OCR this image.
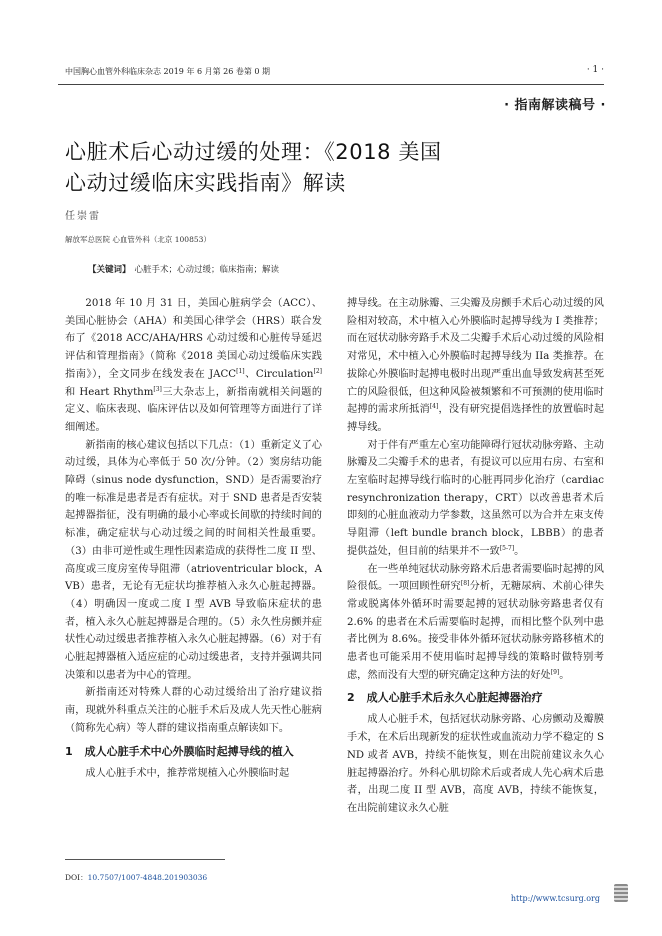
中国胸心血管外科临床杂志 2019 年 6 月第 26 卷第 0 期	· 1 ·
· 指南解读稿号 ·
心脏术后心动过缓的处理：《2018 美国
心动过缓临床实践指南》解读
任崇雷
解放军总医院 心血管外科（北京 100853）
【关键词】 心脏手术；心动过缓；临床指南；解读

2018 年 10 月 31 日，美国心脏病学会（ACC）、美国心脏协会（AHA）和美国心律学会（HRS）联合发布了《2018 ACC/AHA/HRS 心动过缓和心脏传导延迟评估和管理指南》（简称《2018 美国心动过缓临床实践指南》），全文同步在线发表在 JACC[1]、Circulation[2] 和 Heart Rhythm[3]三大杂志上，新指南就相关问题的定义、临床表现、临床评估以及如何管理等方面进行了详细阐述。

新指南的核心建议包括以下几点：（1）重新定义了心动过缓，具体为心率低于 50 次/分钟。（2）窦房结功能障碍（sinus node dysfunction，SND）是否需要治疗的唯一标准是患者是否有症状。对于 SND 患者是否安装起搏器指征，没有明确的最小心率或长间歇的持续时间的标准，确定症状与心动过缓之间的时间相关性最重要。（3）由非可逆性或生理性因素造成的获得性二度 II 型、高度或三度房室传导阻滞（atrioventricular block，AVB）患者，无论有无症状均推荐植入永久心脏起搏器。（4）明确因一度或二度 I 型 AVB 导致临床症状的患者，植入永久心脏起搏器是合理的。（5）永久性房颤并症状性心动过缓患者推荐植入永久心脏起搏器。（6）对于有心脏起搏器植入适应症的心动过缓患者，支持并强调共同决策和以患者为中心的管理。

新指南还对特殊人群的心动过缓给出了治疗建议指南，现就外科重点关注的心脏手术后及成人先天性心脏病（简称先心病）等人群的建议指南重点解读如下。

1 成人心脏手术中心外膜临时起搏导线的植入

成人心脏手术中，推荐常规植入心外膜临时起

搏导线。在主动脉瓣、三尖瓣及房颤手术后心动过缓的风险相对较高，术中植入心外膜临时起搏导线为 I 类推荐；而在冠状动脉旁路手术及二尖瓣手术后心动过缓的风险相对常见，术中植入心外膜临时起搏导线为 IIa 类推荐。在拔除心外膜临时起搏电极时出现严重出血导致发病甚至死亡的风险很低，但这种风险被频繁和不可预测的使用临时起搏的需求所抵消[4]，没有研究提倡选择性的放置临时起搏导线。

对于伴有严重左心室功能障碍行冠状动脉旁路、主动脉瓣及二尖瓣手术的患者，有提议可以应用右房、右室和左室临时起搏导线行临时的心脏再同步化治疗（cardiac resynchronization therapy，CRT）以改善患者术后即刻的心脏血液动力学参数，这虽然可以为合并左束支传导阻滞（left bundle branch block，LBBB）的患者提供益处，但目前的结果并不一致[5-7]。

在一些单纯冠状动脉旁路术后患者需要临时起搏的风险很低。一项回顾性研究[8]分析，无糖尿病、术前心律失常或脱离体外循环时需要起搏的冠状动脉旁路患者仅有 2.6% 的患者在术后需要临时起搏，而相比整个队列中患者比例为 8.6%。接受非体外循环冠状动脉旁路移植术的患者也可能采用不使用临时起搏导线的策略时做特别考虑，然而没有大型的研究确定这种方法的好处[9]。

2 成人心脏手术后永久心脏起搏器治疗

成人心脏手术，包括冠状动脉旁路、心房颤动及瓣膜手术，在术后出现新发的症状性或血流动力学不稳定的 SND 或者 AVB，持续不能恢复，则在出院前建议永久心脏起搏器治疗。外科心肌切除术后或者成人先心病术后患者，出现二度 II 型 AVB，高度 AVB，持续不能恢复，在出院前建议永久心脏

DOI：10.7507/1007-4848.201903036
http://www.tcsurg.org
